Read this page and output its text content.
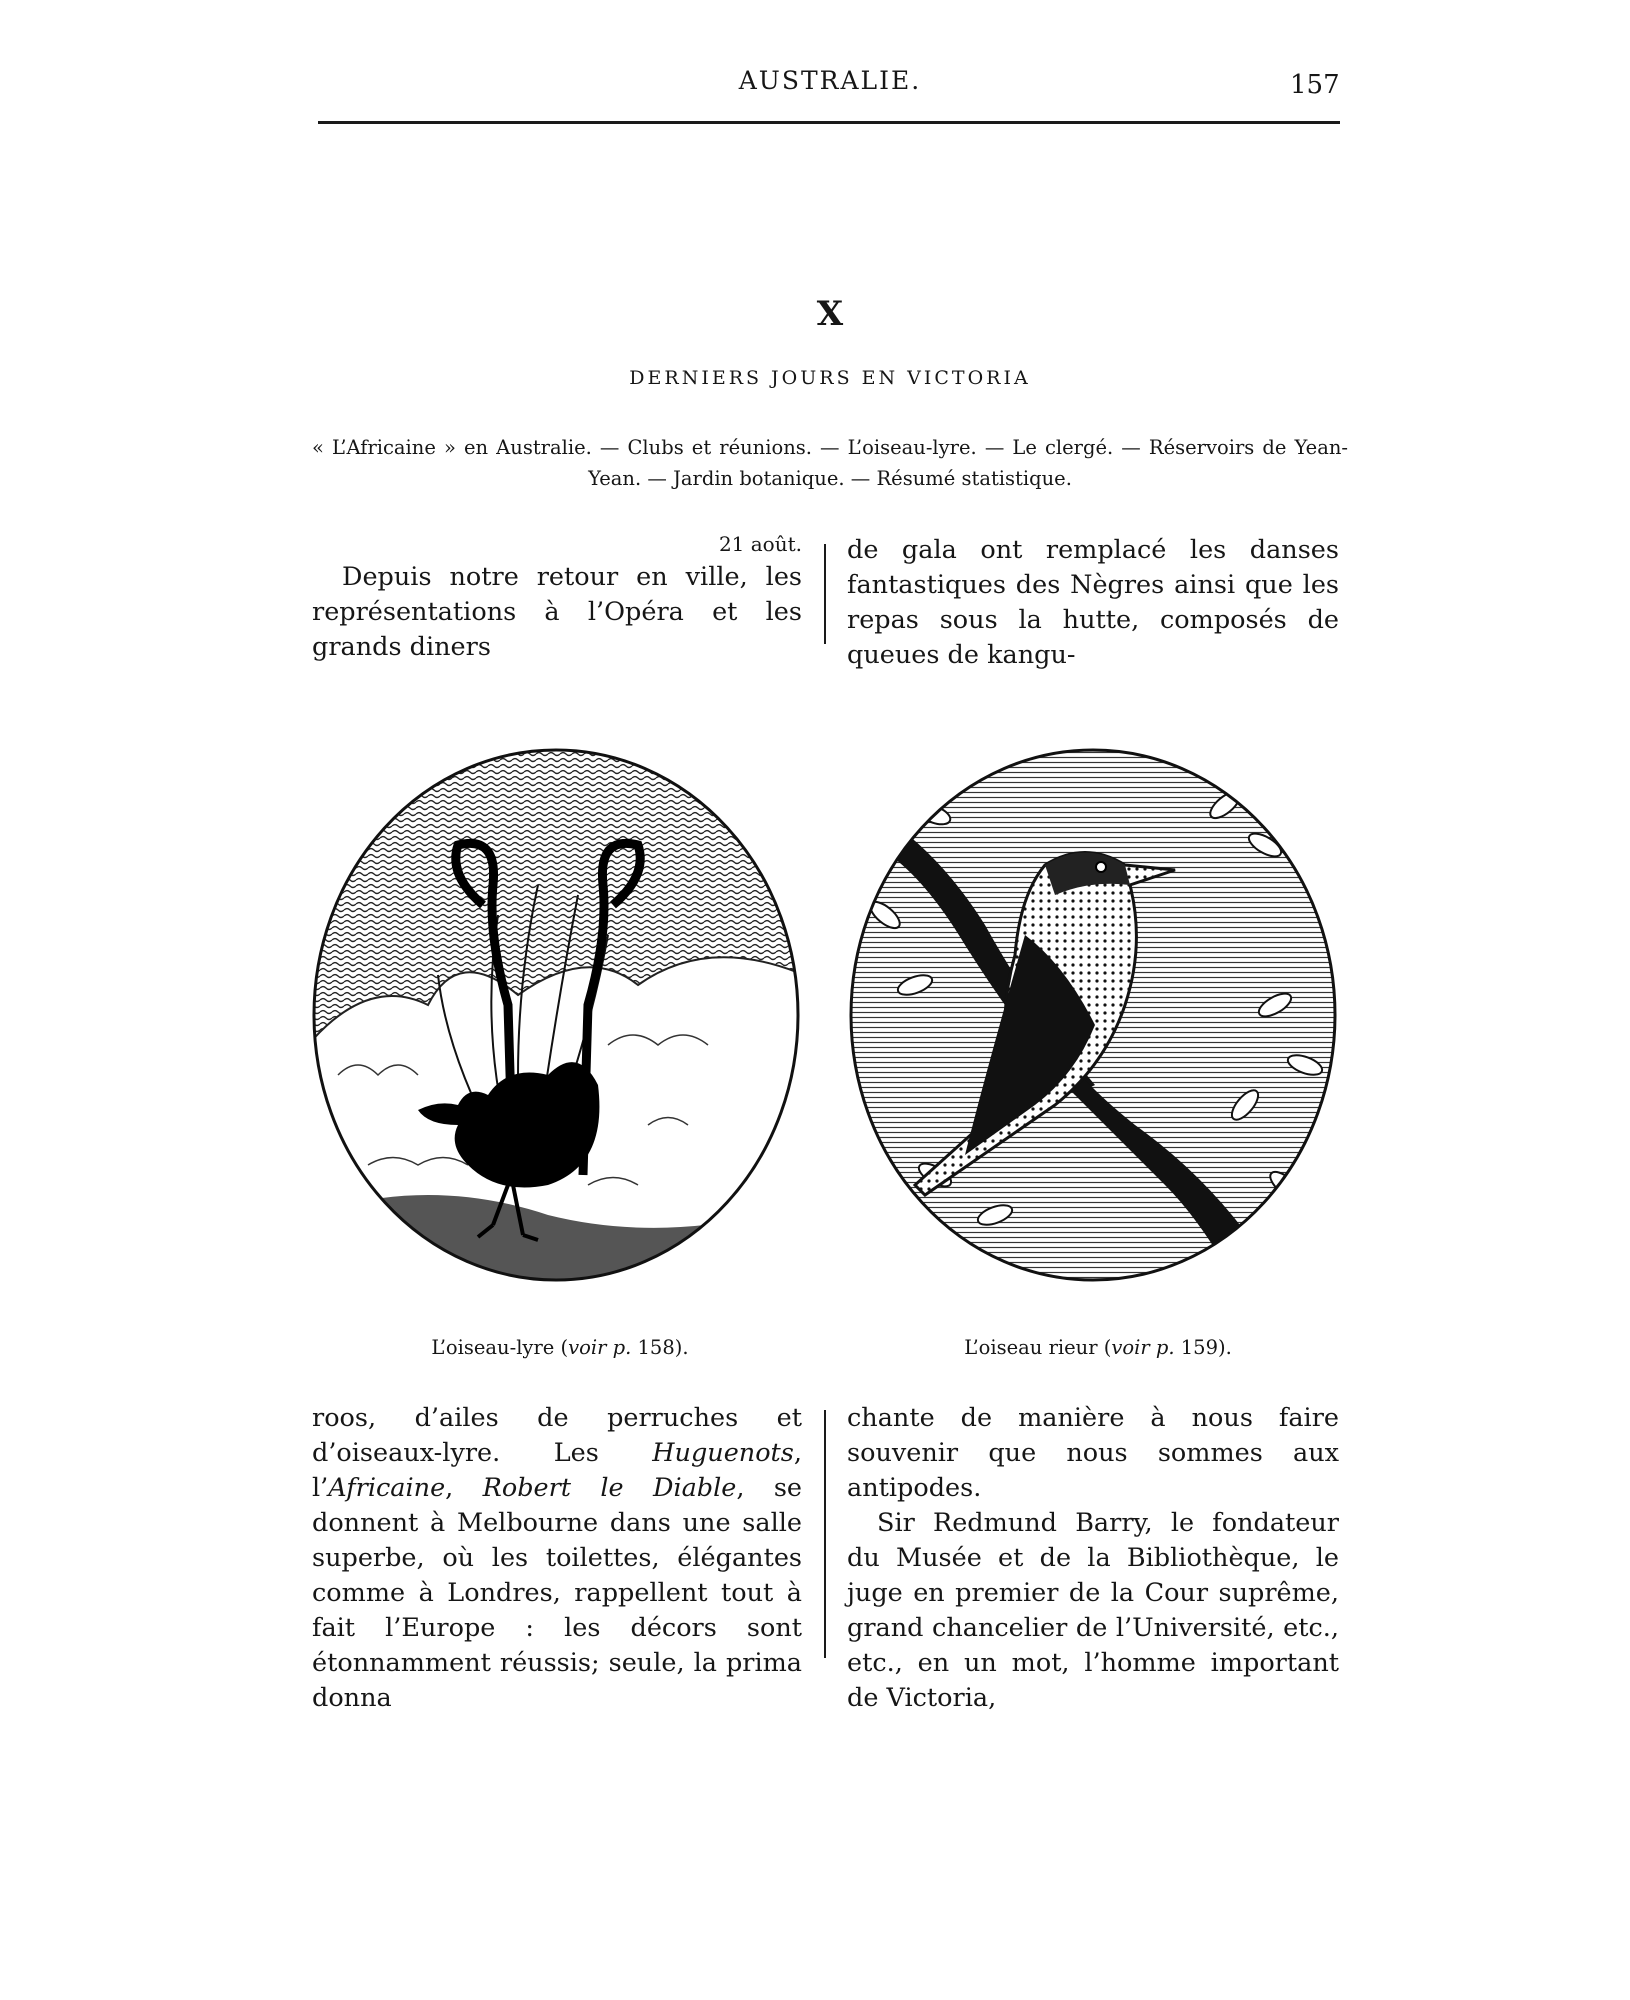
AUSTRALIE.	157
X
DERNIERS JOURS EN VICTORIA
« L’Africaine » en Australie. — Clubs et réunions. — L’oiseau-lyre. — Le clergé. — Réservoirs de Yean-Yean. — Jardin botanique. — Résumé statistique.

21 août.

Depuis notre retour en ville, les représentations à l’Opéra et les grands diners

de gala ont remplacé les danses fantastiques des Nègres ainsi que les repas sous la hutte, composés de queues de kangu-

L’oiseau-lyre (voir p. 158).	L’oiseau rieur (voir p. 159).

roos, d’ailes de perruches et d’oiseaux-lyre. Les Huguenots, l’Africaine, Robert le Diable, se donnent à Melbourne dans une salle superbe, où les toilettes, élégantes comme à Londres, rappellent tout à fait l’Europe : les décors sont étonnamment réussis; seule, la prima donna

chante de manière à nous faire souvenir que nous sommes aux antipodes.

Sir Redmund Barry, le fondateur du Musée et de la Bibliothèque, le juge en premier de la Cour suprême, grand chancelier de l’Université, etc., etc., en un mot, l’homme important de Victoria,
